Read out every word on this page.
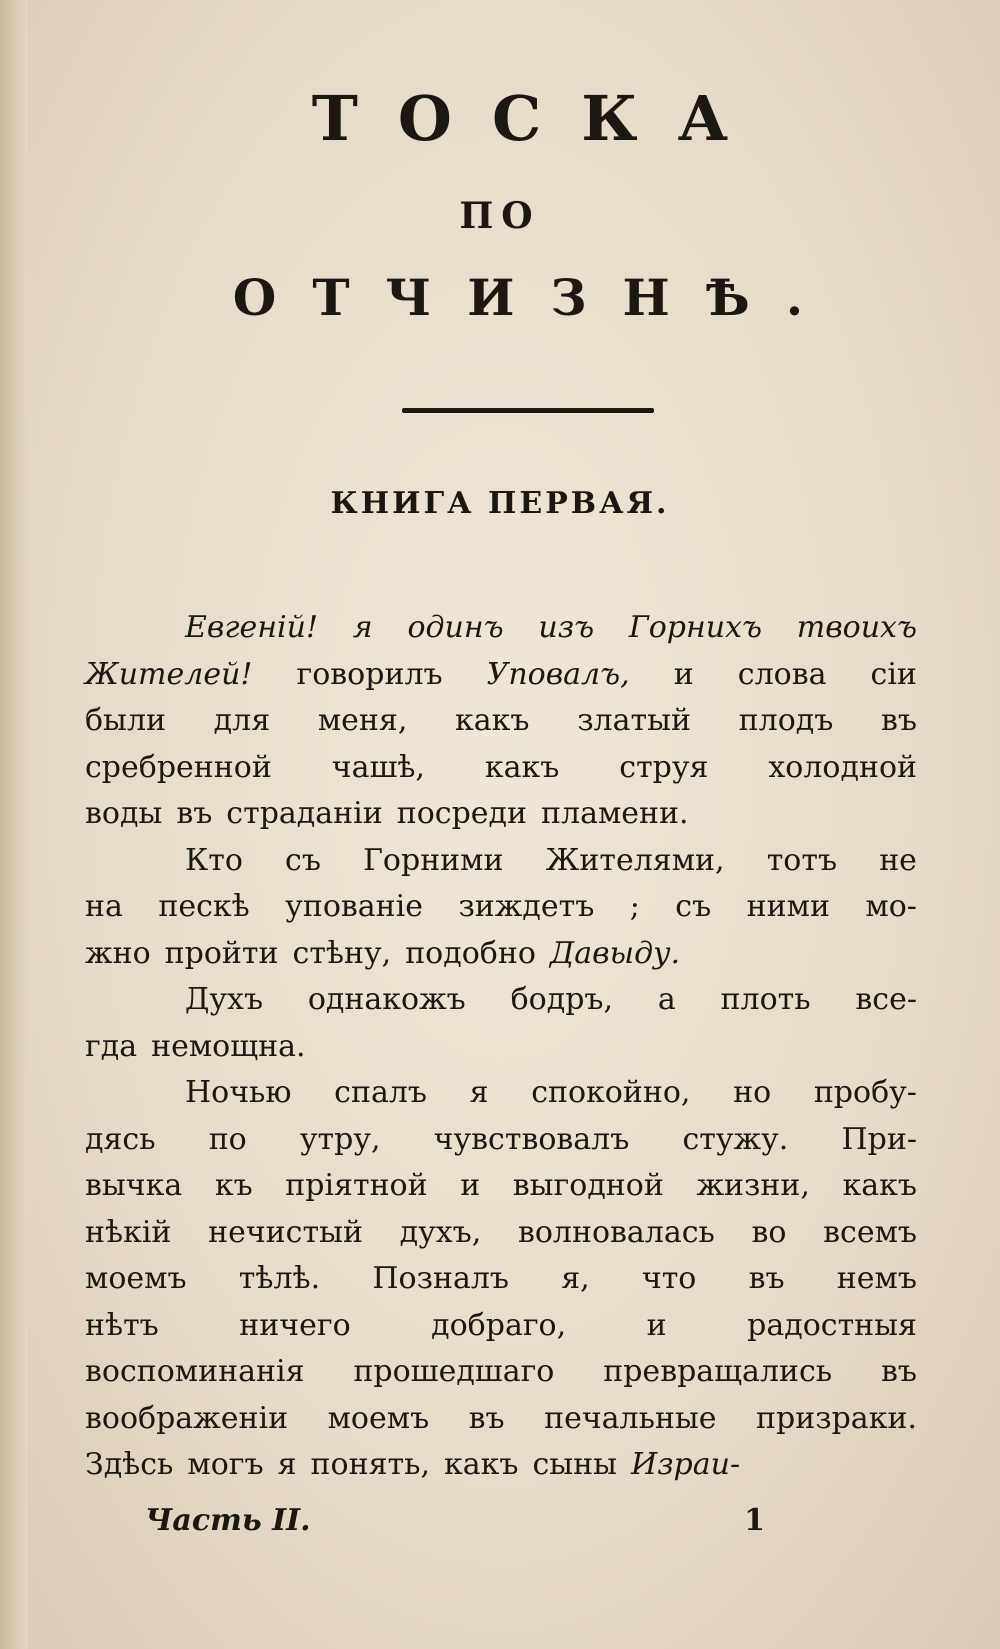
ТОСКА
ПО
ОТЧИЗНѢ.
КНИГА ПЕРВАЯ.
Евгеній! я одинъ изъ Горнихъ твоихъ
Жителей! говорилъ Уповалъ, и слова сіи
были для меня, какъ златый плодъ въ
сребренной чашѣ, какъ струя холодной
воды въ страданіи посреди пламени.
Кто съ Горними Жителями, тотъ не
на пескѣ упованіе зиждетъ ; съ ними мо-
жно пройти стѣну, подобно Давыду.
Духъ однакожъ бодръ, а плоть все-
гда немощна.
Ночью спалъ я спокойно, но пробу-
дясь по утру, чувствовалъ стужу. При-
вычка къ пріятной и выгодной жизни, какъ
нѣкій нечистый духъ, волновалась во всемъ
моемъ тѣлѣ. Позналъ я, что въ немъ
нѣтъ	ничего	добраго,	и	радостныя
воспоминанія прошедшаго превращались въ
воображеніи моемъ въ печальные призраки.
Здѣсь могъ я понять, какъ сыны Израи-
Часть II.	1
